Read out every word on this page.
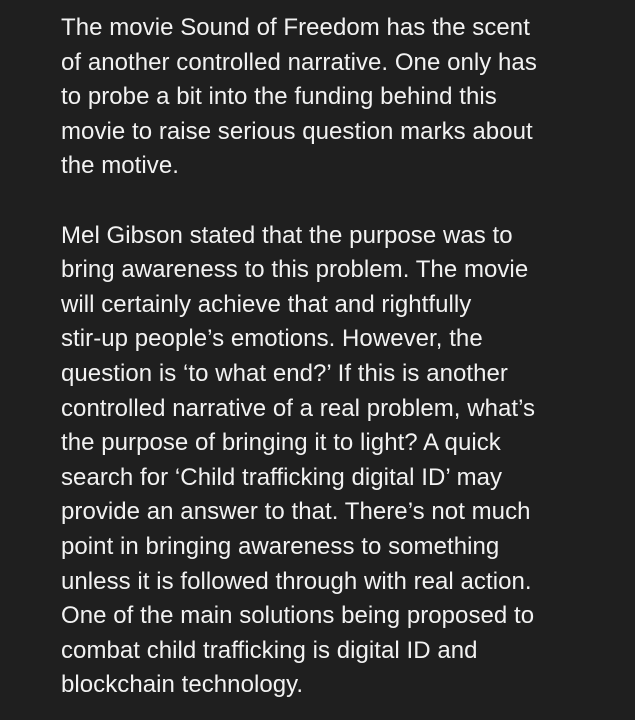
The movie Sound of Freedom has the scent
of another controlled narrative. One only has
to probe a bit into the funding behind this
movie to raise serious question marks about
the motive.

Mel Gibson stated that the purpose was to
bring awareness to this problem. The movie
will certainly achieve that and rightfully
stir-up people’s emotions. However, the
question is ‘to what end?’ If this is another
controlled narrative of a real problem, what’s
the purpose of bringing it to light? A quick
search for ‘Child trafficking digital ID’ may
provide an answer to that. There’s not much
point in bringing awareness to something
unless it is followed through with real action.
One of the main solutions being proposed to
combat child trafficking is digital ID and
blockchain technology.
